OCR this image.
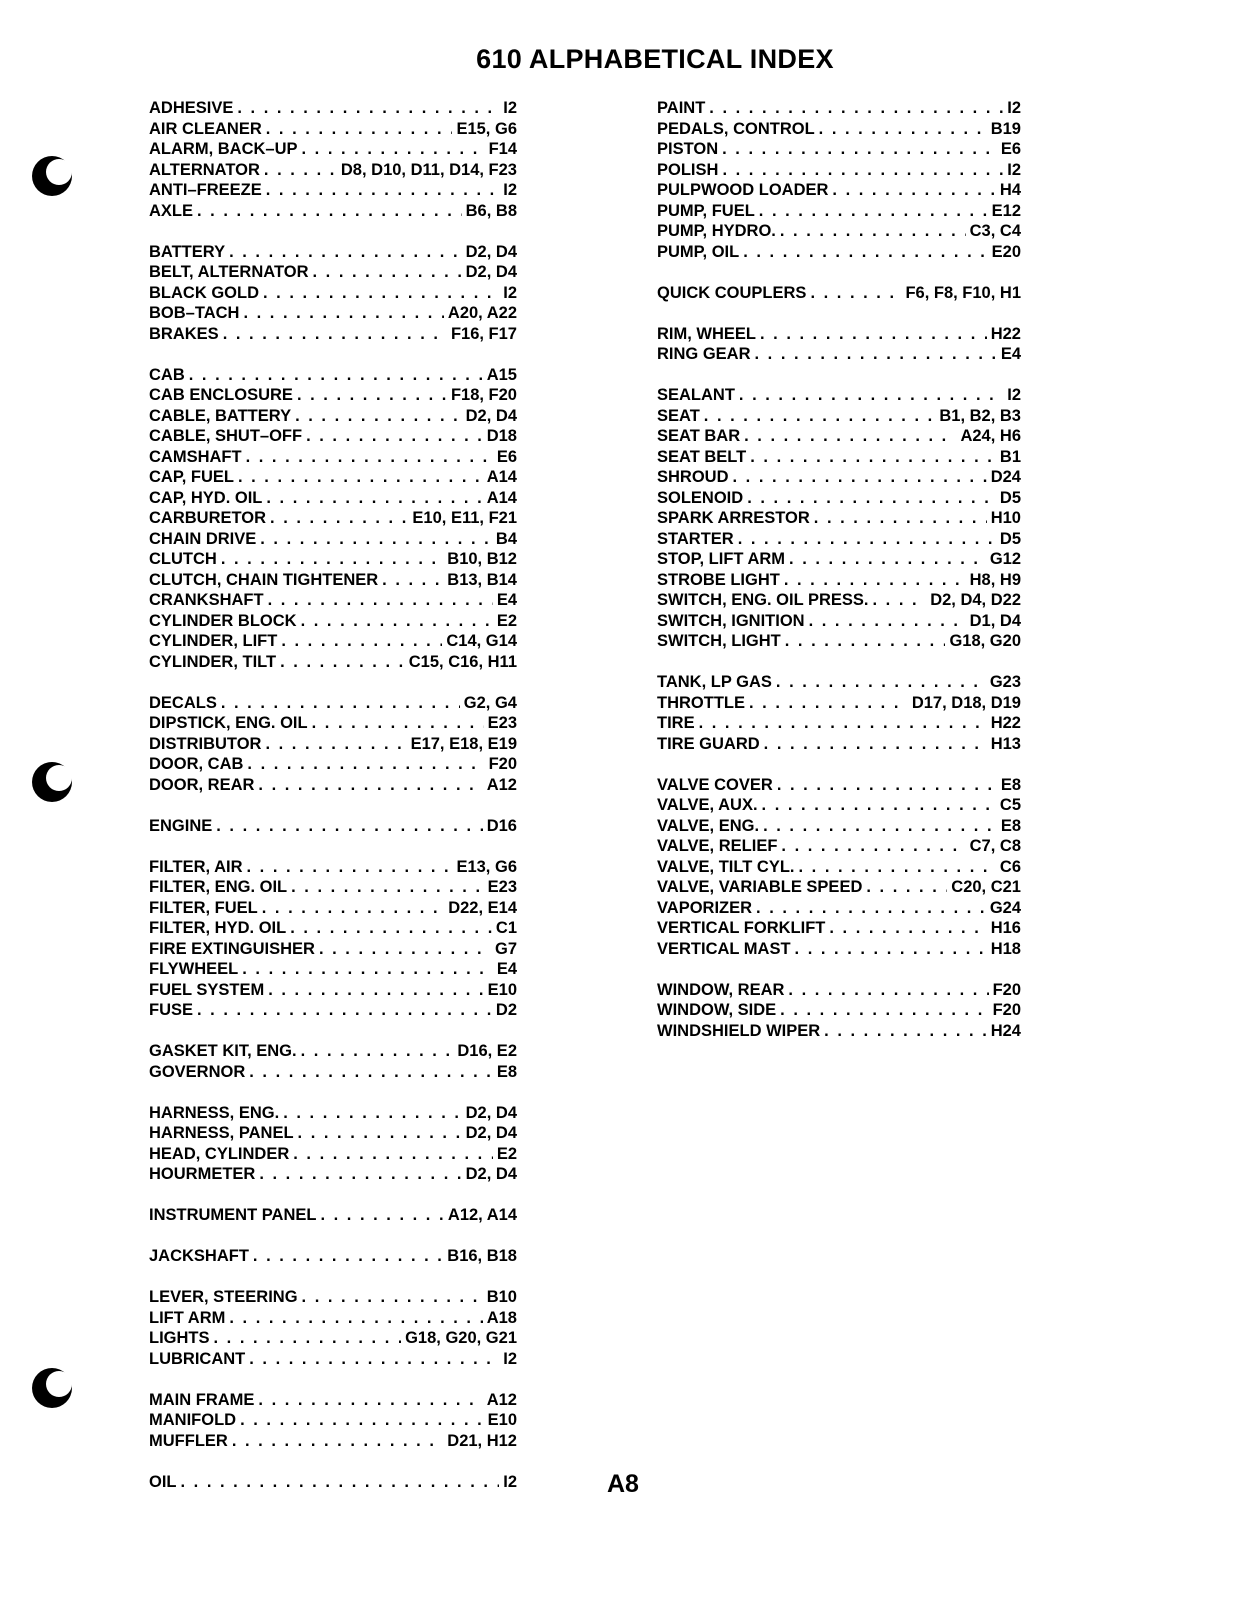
610 ALPHABETICAL INDEX
ADHESIVE . . .	I2
AIR CLEANER . . .	E15, G6
ALARM, BACK–UP . . .	F14
ALTERNATOR . . .	D8, D10, D11, D14, F23
ANTI–FREEZE . . .	I2
AXLE . . .	B6, B8
BATTERY . . .	D2, D4
BELT, ALTERNATOR . . .	D2, D4
BLACK GOLD . . .	I2
BOB–TACH . . .	A20, A22
BRAKES . . .	F16, F17
CAB . . .	A15
CAB ENCLOSURE . . .	F18, F20
CABLE, BATTERY . . .	D2, D4
CABLE, SHUT–OFF . . .	D18
CAMSHAFT . . .	E6
CAP, FUEL . . .	A14
CAP, HYD. OIL . . .	A14
CARBURETOR . . .	E10, E11, F21
CHAIN DRIVE . . .	B4
CLUTCH . . .	B10, B12
CLUTCH, CHAIN TIGHTENER . . .	B13, B14
CRANKSHAFT . . .	E4
CYLINDER BLOCK . . .	E2
CYLINDER, LIFT . . .	C14, G14
CYLINDER, TILT . . .	C15, C16, H11
DECALS . . .	G2, G4
DIPSTICK, ENG. OIL . . .	E23
DISTRIBUTOR . . .	E17, E18, E19
DOOR, CAB . . .	F20
DOOR, REAR . . .	A12
ENGINE . . .	D16
FILTER, AIR . . .	E13, G6
FILTER, ENG. OIL . . .	E23
FILTER, FUEL . . .	D22, E14
FILTER, HYD. OIL . . .	C1
FIRE EXTINGUISHER . . .	G7
FLYWHEEL . . .	E4
FUEL SYSTEM . . .	E10
FUSE . . .	D2
GASKET KIT, ENG. . . .	D16, E2
GOVERNOR . . .	E8
HARNESS, ENG. . . .	D2, D4
HARNESS, PANEL . . .	D2, D4
HEAD, CYLINDER . . .	E2
HOURMETER . . .	D2, D4
INSTRUMENT PANEL . . .	A12, A14
JACKSHAFT . . .	B16, B18
LEVER, STEERING . . .	B10
LIFT ARM . . .	A18
LIGHTS . . .	G18, G20, G21
LUBRICANT . . .	I2
MAIN FRAME . . .	A12
MANIFOLD . . .	E10
MUFFLER . . .	D21, H12
OIL . . .	I2
PAINT . . .	I2
PEDALS, CONTROL . . .	B19
PISTON . . .	E6
POLISH . . .	I2
PULPWOOD LOADER . . .	H4
PUMP, FUEL . . .	E12
PUMP, HYDRO. . . .	C3, C4
PUMP, OIL . . .	E20
QUICK COUPLERS . . .	F6, F8, F10, H1
RIM, WHEEL . . .	H22
RING GEAR . . .	E4
SEALANT . . .	I2
SEAT . . .	B1, B2, B3
SEAT BAR . . .	A24, H6
SEAT BELT . . .	B1
SHROUD . . .	D24
SOLENOID . . .	D5
SPARK ARRESTOR . . .	H10
STARTER . . .	D5
STOP, LIFT ARM . . .	G12
STROBE LIGHT . . .	H8, H9
SWITCH, ENG. OIL PRESS. . . .	D2, D4, D22
SWITCH, IGNITION . . .	D1, D4
SWITCH, LIGHT . . .	G18, G20
TANK, LP GAS . . .	G23
THROTTLE . . .	D17, D18, D19
TIRE . . .	H22
TIRE GUARD . . .	H13
VALVE COVER . . .	E8
VALVE, AUX. . . .	C5
VALVE, ENG. . . .	E8
VALVE, RELIEF . . .	C7, C8
VALVE, TILT CYL. . . .	C6
VALVE, VARIABLE SPEED . . .	C20, C21
VAPORIZER . . .	G24
VERTICAL FORKLIFT . . .	H16
VERTICAL MAST . . .	H18
WINDOW, REAR . . .	F20
WINDOW, SIDE . . .	F20
WINDSHIELD WIPER . . .	H24
A8
